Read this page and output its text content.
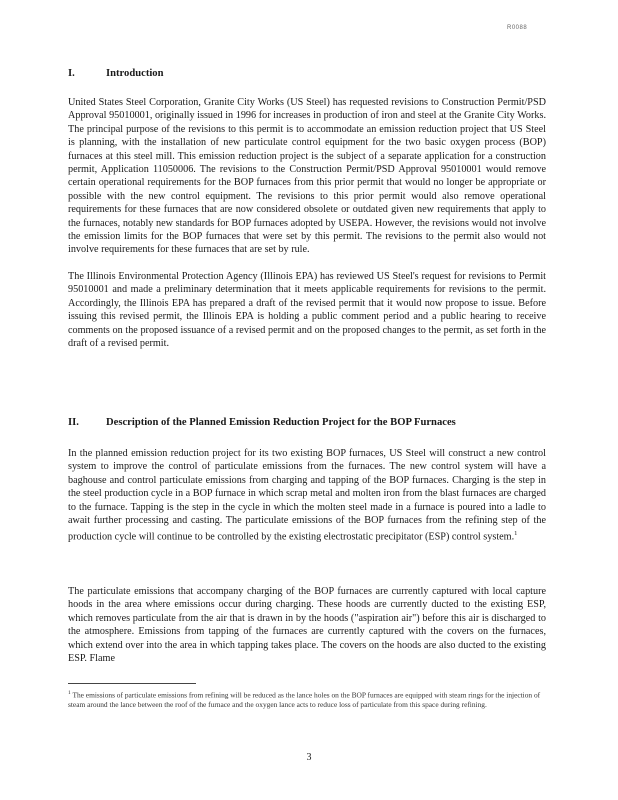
R0088
I.	Introduction

United States Steel Corporation, Granite City Works (US Steel) has requested revisions to Construction Permit/PSD Approval 95010001, originally issued in 1996 for increases in production of iron and steel at the Granite City Works. The principal purpose of the revisions to this permit is to accommodate an emission reduction project that US Steel is planning, with the installation of new particulate control equipment for the two basic oxygen process (BOP) furnaces at this steel mill. This emission reduction project is the subject of a separate application for a construction permit, Application 11050006. The revisions to the Construction Permit/PSD Approval 95010001 would remove certain operational requirements for the BOP furnaces from this prior permit that would no longer be appropriate or possible with the new control equipment. The revisions to this prior permit would also remove operational requirements for these furnaces that are now considered obsolete or outdated given new requirements that apply to the furnaces, notably new standards for BOP furnaces adopted by USEPA. However, the revisions would not involve the emission limits for the BOP furnaces that were set by this permit. The revisions to the permit also would not involve requirements for these furnaces that are set by rule.

The Illinois Environmental Protection Agency (Illinois EPA) has reviewed US Steel's request for revisions to Permit 95010001 and made a preliminary determination that it meets applicable requirements for revisions to the permit. Accordingly, the Illinois EPA has prepared a draft of the revised permit that it would now propose to issue. Before issuing this revised permit, the Illinois EPA is holding a public comment period and a public hearing to receive comments on the proposed issuance of a revised permit and on the proposed changes to the permit, as set forth in the draft of a revised permit.

II.	Description of the Planned Emission Reduction Project for the BOP Furnaces

In the planned emission reduction project for its two existing BOP furnaces, US Steel will construct a new control system to improve the control of particulate emissions from the furnaces. The new control system will have a baghouse and control particulate emissions from charging and tapping of the BOP furnaces. Charging is the step in the steel production cycle in a BOP furnace in which scrap metal and molten iron from the blast furnaces are charged to the furnace. Tapping is the step in the cycle in which the molten steel made in a furnace is poured into a ladle to await further processing and casting. The particulate emissions of the BOP furnaces from the refining step of the production cycle will continue to be controlled by the existing electrostatic precipitator (ESP) control system.$^1$

The particulate emissions that accompany charging of the BOP furnaces are currently captured with local capture hoods in the area where emissions occur during charging. These hoods are currently ducted to the existing ESP, which removes particulate from the air that is drawn in by the hoods ("aspiration air") before this air is discharged to the atmosphere. Emissions from tapping of the furnaces are currently captured with the covers on the furnaces, which extend over into the area in which tapping takes place. The covers on the hoods are also ducted to the existing ESP. Flame

$^1$ The emissions of particulate emissions from refining will be reduced as the lance holes on the BOP furnaces are equipped with steam rings for the injection of steam around the lance between the roof of the furnace and the oxygen lance acts to reduce loss of particulate from this space during refining.
3
